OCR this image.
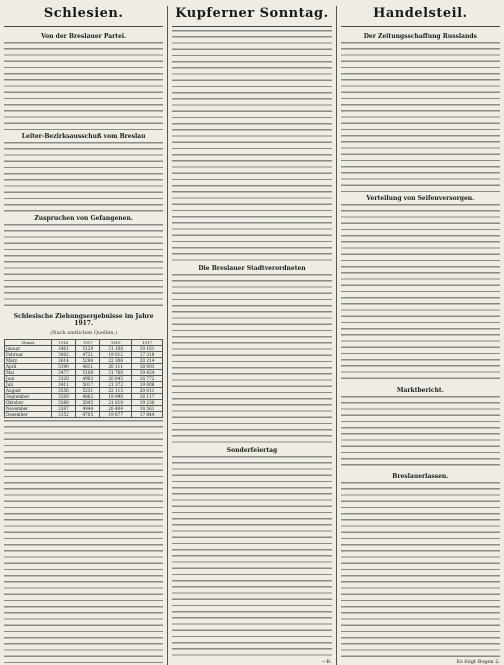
Schlesien.
Von der Breslauer Partei.
Leiter-Bezirksausschuß vom Breslau
Zuspruchen von Gefangenen.
Schlesische Ziehungsergebnisse im Jahre 1917.
(Nach amtlichen Quellen.)
Monat	1916	1917	1916	1917
Januar	3461	5129	21 168	19 161
Februar	3002	4721	19 012	17 318
März	3614	5284	22 306	20 214
April	3190	4811	20 111	18 003
Mai	3477	5108	21 760	19 424
Juni	3320	4983	20 845	18 772
Juli	3411	5017	21 372	19 006
August	3556	5231	22 113	20 011
September	3209	4862	19 990	18 117
Oktober	3388	5045	21 010	19 230
November	3267	4944	20 404	18 561
Dezember	3152	4705	19 877	17 844
Kupferner Sonntag.
Die Breslauer Stadtverordneten
Sonderfeiertag
—B.
Handelsteil.
Der Zeitungsschaffung Russlands
Verteilung von Seifenversorgen.
Marktbericht.
Breslauerlassen.
Es folgt Bogen 2.
